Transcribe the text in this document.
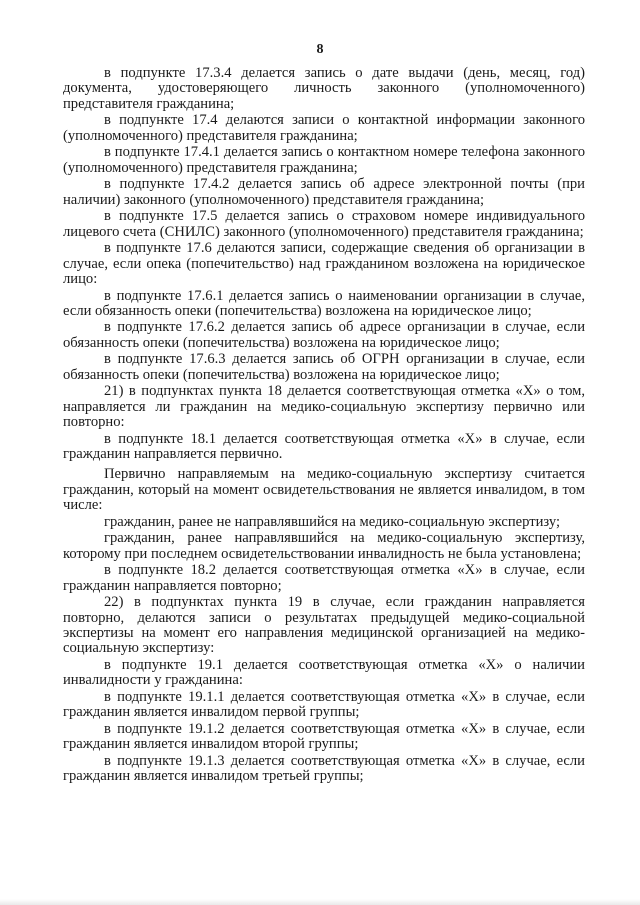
8

в подпункте 17.3.4 делается запись о дате выдачи (день, месяц, год) документа, удостоверяющего личность законного (уполномоченного) представителя гражданина;

в подпункте 17.4 делаются записи о контактной информации законного (уполномоченного) представителя гражданина;

в подпункте 17.4.1 делается запись о контактном номере телефона законного (уполномоченного) представителя гражданина;

в подпункте 17.4.2 делается запись об адресе электронной почты (при наличии) законного (уполномоченного) представителя гражданина;

в подпункте 17.5 делается запись о страховом номере индивидуального лицевого счета (СНИЛС) законного (уполномоченного) представителя гражданина;

в подпункте 17.6 делаются записи, содержащие сведения об организации в случае, если опека (попечительство) над гражданином возложена на юридическое лицо:

в подпункте 17.6.1 делается запись о наименовании организации в случае, если обязанность опеки (попечительства) возложена на юридическое лицо;

в подпункте 17.6.2 делается запись об адресе организации в случае, если обязанность опеки (попечительства) возложена на юридическое лицо;

в подпункте 17.6.3 делается запись об ОГРН организации в случае, если обязанность опеки (попечительства) возложена на юридическое лицо;

21) в подпунктах пункта 18 делается соответствующая отметка «X» о том, направляется ли гражданин на медико-социальную экспертизу первично или повторно:

в подпункте 18.1 делается соответствующая отметка «X» в случае, если гражданин направляется первично.

Первично направляемым на медико-социальную экспертизу считается гражданин, который на момент освидетельствования не является инвалидом, в том числе:

гражданин, ранее не направлявшийся на медико-социальную экспертизу;

гражданин, ранее направлявшийся на медико-социальную экспертизу, которому при последнем освидетельствовании инвалидность не была установлена;

в подпункте 18.2 делается соответствующая отметка «X» в случае, если гражданин направляется повторно;

22) в подпунктах пункта 19 в случае, если гражданин направляется повторно, делаются записи о результатах предыдущей медико-социальной экспертизы на момент его направления медицинской организацией на медико-социальную экспертизу:

в подпункте 19.1 делается соответствующая отметка «X» о наличии инвалидности у гражданина:

в подпункте 19.1.1 делается соответствующая отметка «X» в случае, если гражданин является инвалидом первой группы;

в подпункте 19.1.2 делается соответствующая отметка «X» в случае, если гражданин является инвалидом второй группы;

в подпункте 19.1.3 делается соответствующая отметка «X» в случае, если гражданин является инвалидом третьей группы;
